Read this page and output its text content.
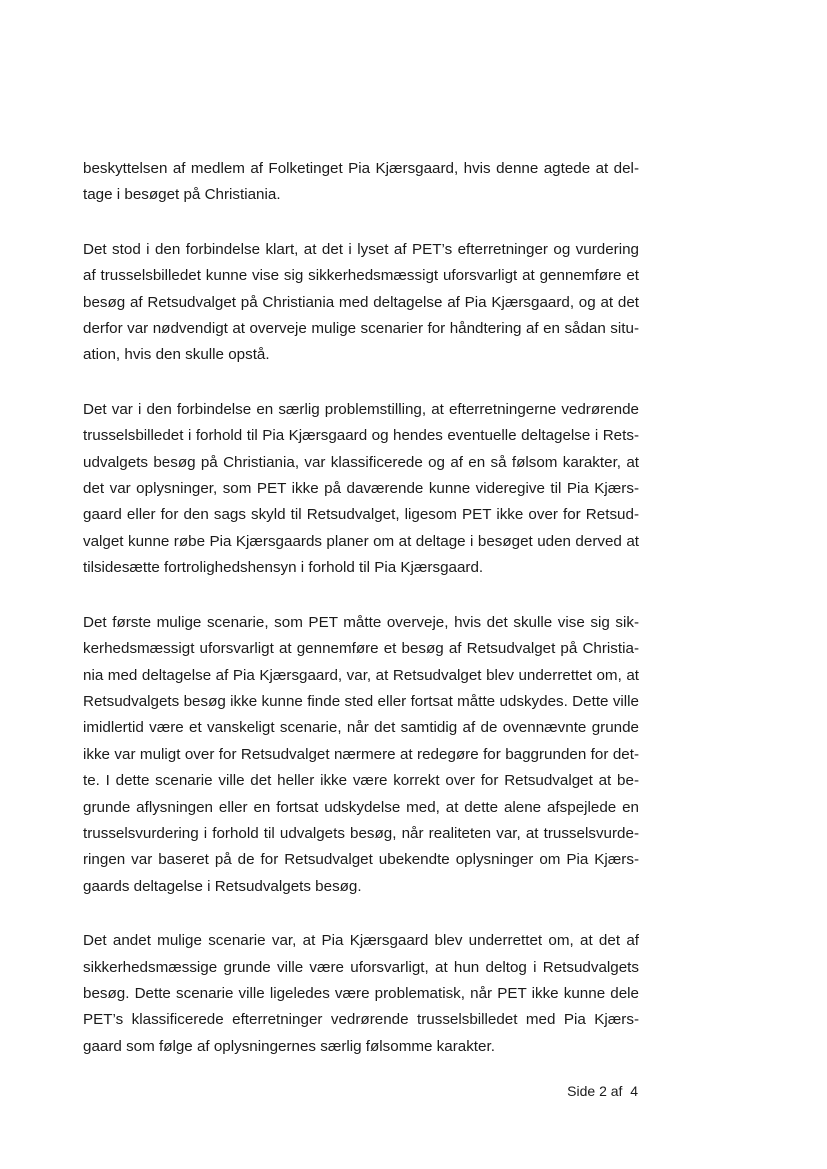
beskyttelsen af medlem af Folketinget Pia Kjærsgaard, hvis denne agtede at deltage i besøget på Christiania.

Det stod i den forbindelse klart, at det i lyset af PET’s efterretninger og vurdering af trusselsbilledet kunne vise sig sikkerhedsmæssigt uforsvarligt at gennemføre et besøg af Retsudvalget på Christiania med deltagelse af Pia Kjærsgaard, og at det derfor var nødvendigt at overveje mulige scenarier for håndtering af en sådan situation, hvis den skulle opstå.

Det var i den forbindelse en særlig problemstilling, at efterretningerne vedrørende trusselsbilledet i forhold til Pia Kjærsgaard og hendes eventuelle deltagelse i Retsudvalgets besøg på Christiania, var klassificerede og af en så følsom karakter, at det var oplysninger, som PET ikke på daværende kunne videregive til Pia Kjærsgaard eller for den sags skyld til Retsudvalget, ligesom PET ikke over for Retsudvalget kunne røbe Pia Kjærsgaards planer om at deltage i besøget uden derved at tilsidesætte fortrolighedshensyn i forhold til Pia Kjærsgaard.

Det første mulige scenarie, som PET måtte overveje, hvis det skulle vise sig sikkerhedsmæssigt uforsvarligt at gennemføre et besøg af Retsudvalget på Christiania med deltagelse af Pia Kjærsgaard, var, at Retsudvalget blev underrettet om, at Retsudvalgets besøg ikke kunne finde sted eller fortsat måtte udskydes. Dette ville imidlertid være et vanskeligt scenarie, når det samtidig af de ovennævnte grunde ikke var muligt over for Retsudvalget nærmere at redegøre for baggrunden for dette. I dette scenarie ville det heller ikke være korrekt over for Retsudvalget at begrunde aflysningen eller en fortsat udskydelse med, at dette alene afspejlede en trusselsvurdering i forhold til udvalgets besøg, når realiteten var, at trusselsvurderingen var baseret på de for Retsudvalget ubekendte oplysninger om Pia Kjærsgaards deltagelse i Retsudvalgets besøg.

Det andet mulige scenarie var, at Pia Kjærsgaard blev underrettet om, at det af sikkerhedsmæssige grunde ville være uforsvarligt, at hun deltog i Retsudvalgets besøg. Dette scenarie ville ligeledes være problematisk, når PET ikke kunne dele PET’s klassificerede efterretninger vedrørende trusselsbilledet med Pia Kjærsgaard som følge af oplysningernes særlig følsomme karakter.

Side 2 af  4
